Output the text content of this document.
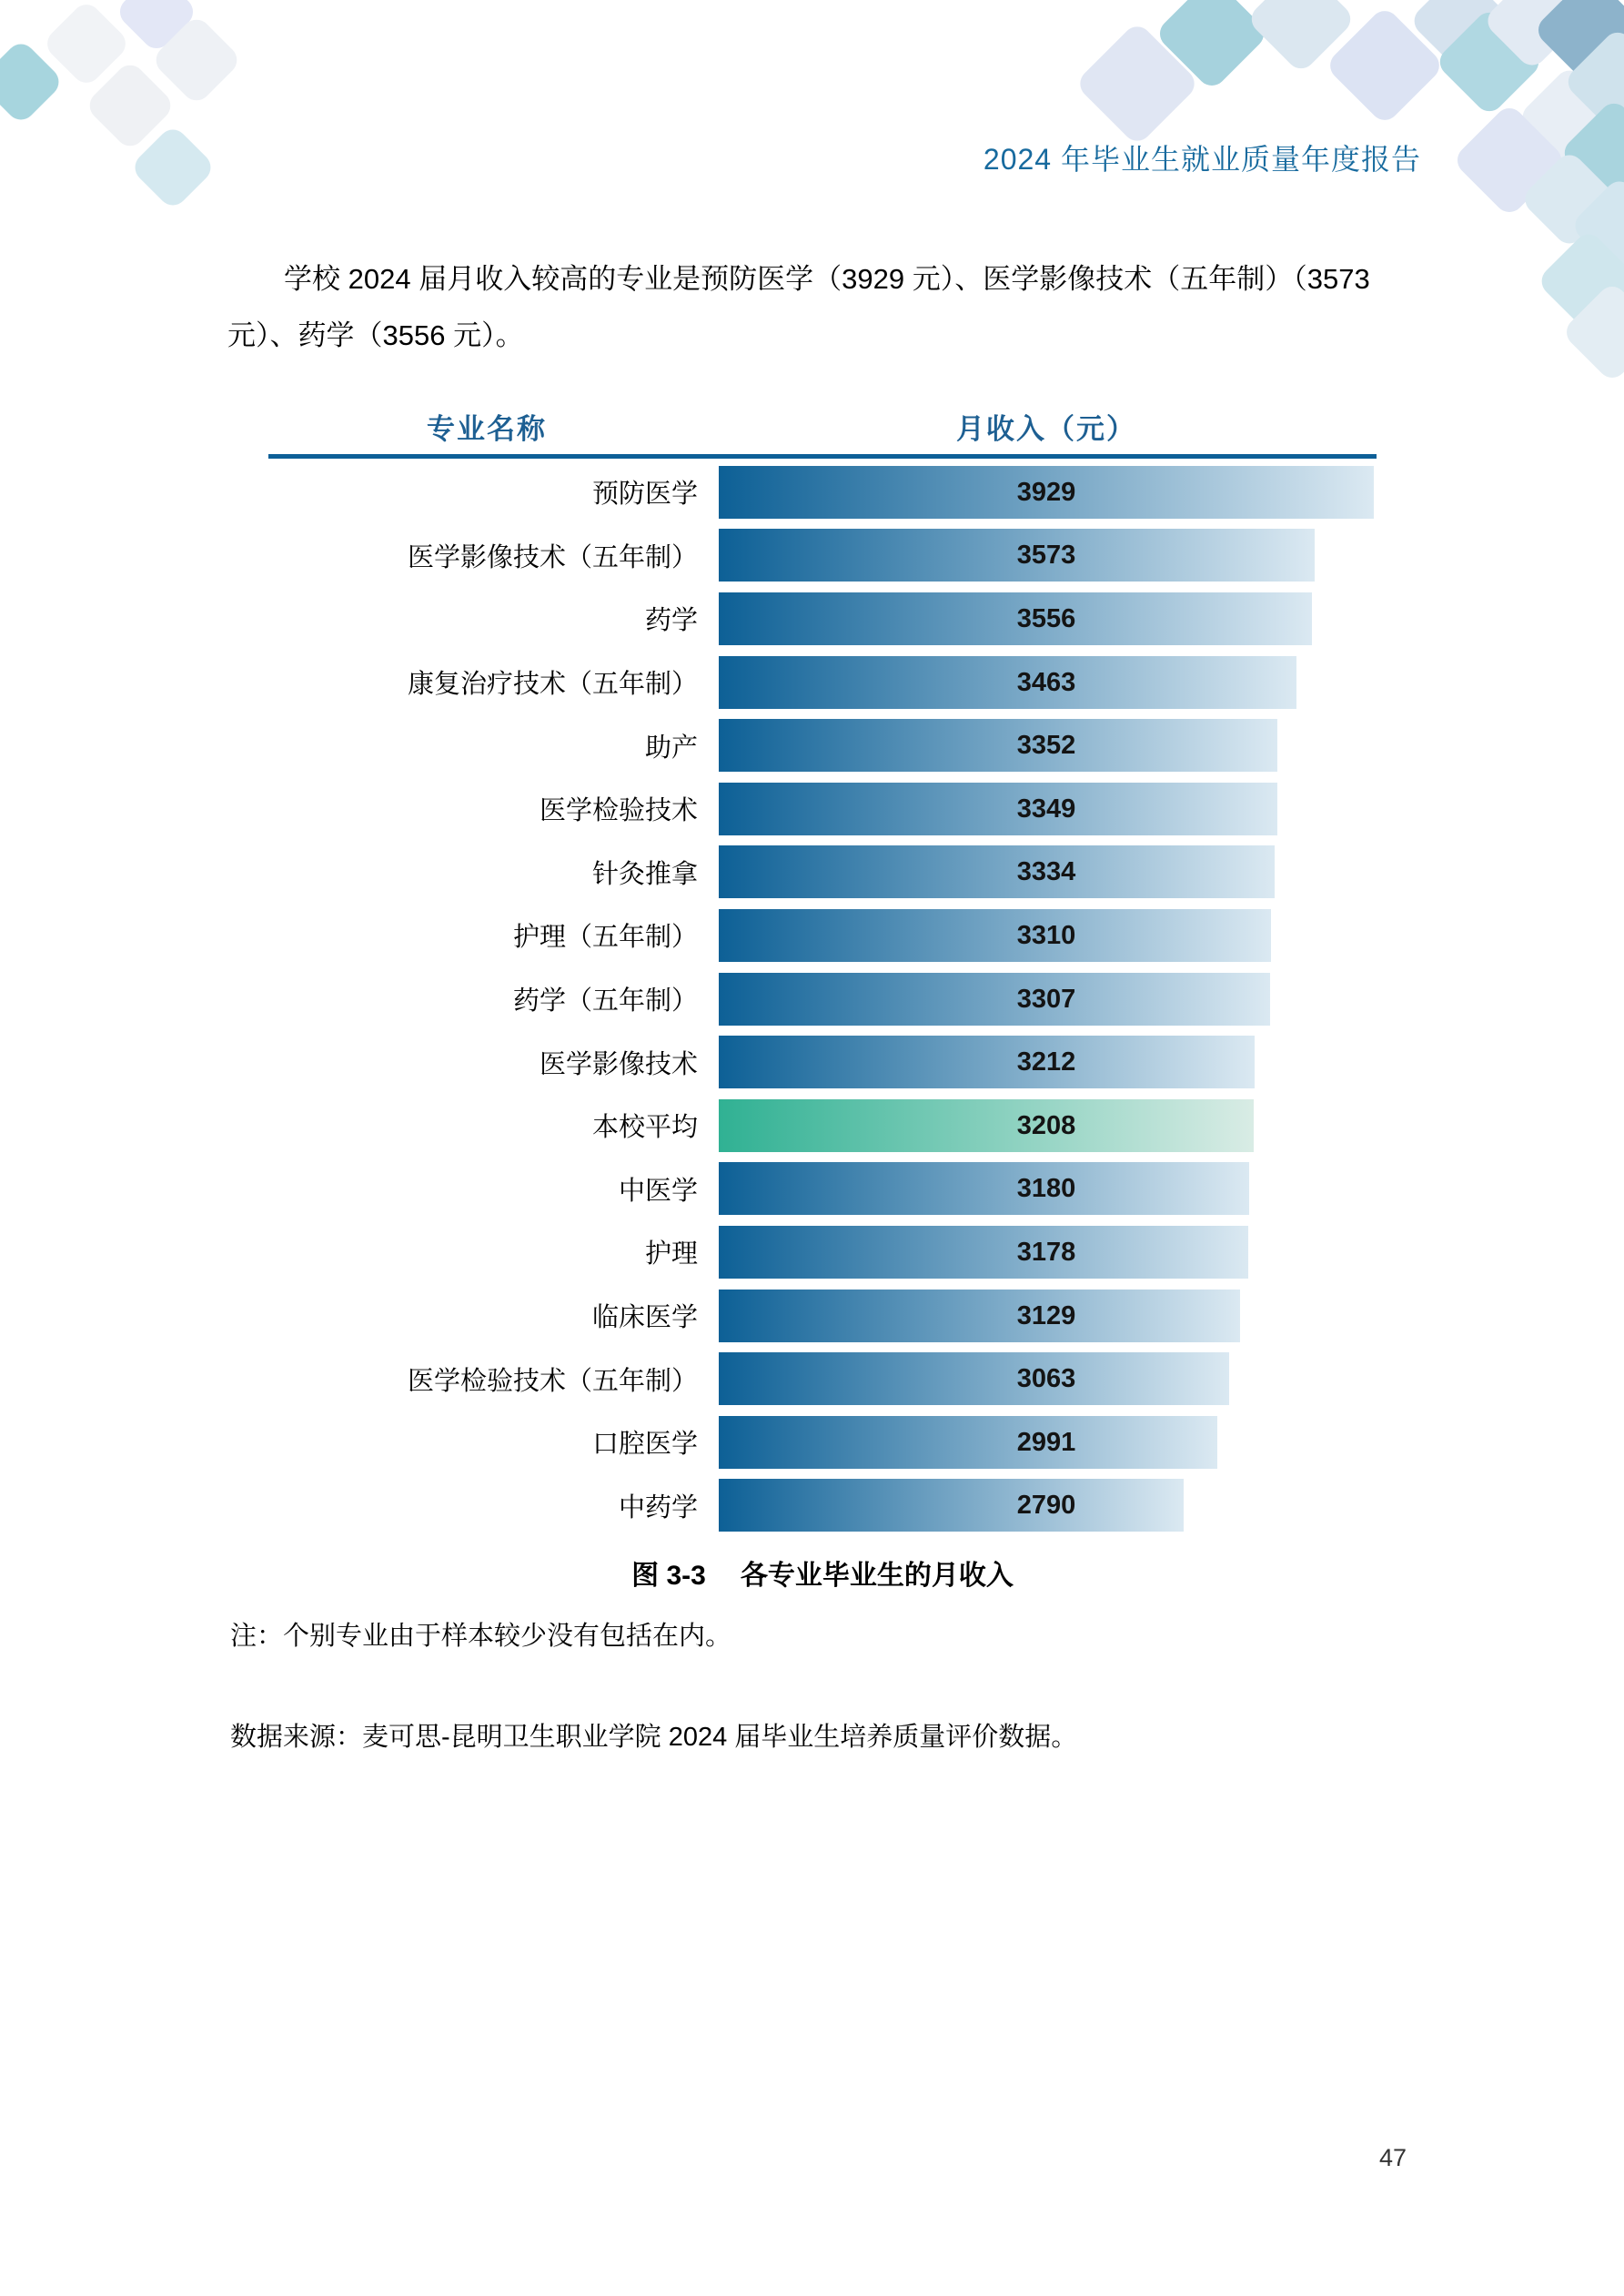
2024 年毕业生就业质量年度报告
学校 2024 届月收入较高的专业是预防医学（3929 元）、医学影像技术（五年制）（3573
元）、药学（3556 元）。
专业名称	月收入（元）
预防医学	3929
医学影像技术（五年制）	3573
药学	3556
康复治疗技术（五年制）	3463
助产	3352
医学检验技术	3349
针灸推拿	3334
护理（五年制）	3310
药学（五年制）	3307
医学影像技术	3212
本校平均	3208
中医学	3180
护理	3178
临床医学	3129
医学检验技术（五年制）	3063
口腔医学	2991
中药学	2790
图 3-3 各专业毕业生的月收入
注：个别专业由于样本较少没有包括在内。
数据来源：麦可思-昆明卫生职业学院 2024 届毕业生培养质量评价数据。
47
